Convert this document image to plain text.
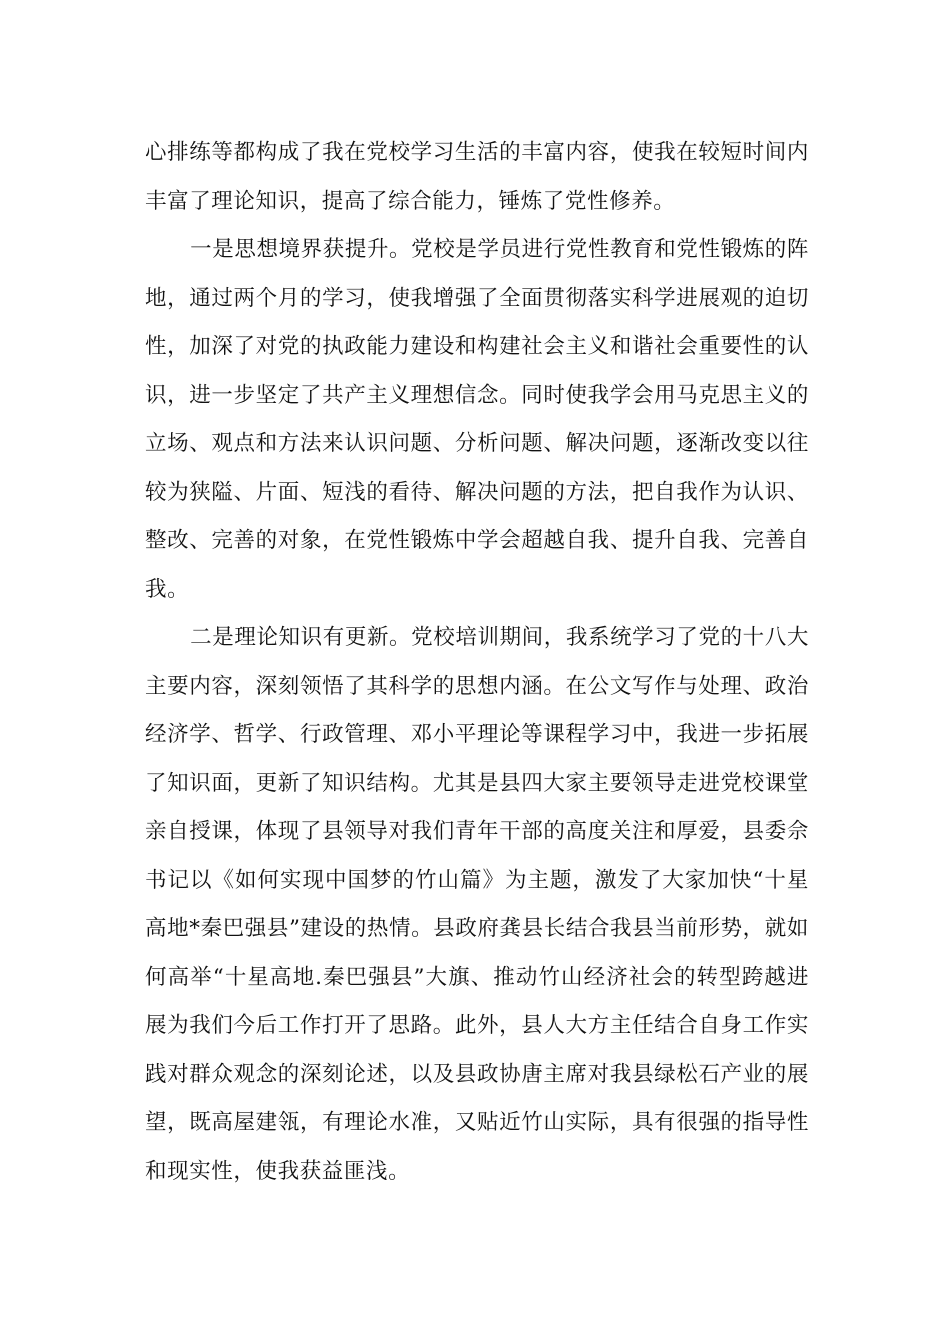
心排练等都构成了我在党校学习生活的丰富内容，使我在较短时间内丰富了理论知识，提高了综合能力，锤炼了党性修养。

一是思想境界获提升。党校是学员进行党性教育和党性锻炼的阵地，通过两个月的学习，使我增强了全面贯彻落实科学进展观的迫切性，加深了对党的执政能力建设和构建社会主义和谐社会重要性的认识，进一步坚定了共产主义理想信念。同时使我学会用马克思主义的立场、观点和方法来认识问题、分析问题、解决问题，逐渐改变以往较为狭隘、片面、短浅的看待、解决问题的方法，把自我作为认识、整改、完善的对象，在党性锻炼中学会超越自我、提升自我、完善自我。

二是理论知识有更新。党校培训期间，我系统学习了党的十八大主要内容，深刻领悟了其科学的思想内涵。在公文写作与处理、政治经济学、哲学、行政管理、邓小平理论等课程学习中，我进一步拓展了知识面，更新了知识结构。尤其是县四大家主要领导走进党校课堂亲自授课，体现了县领导对我们青年干部的高度关注和厚爱，县委佘书记以《如何实现中国梦的竹山篇》为主题，激发了大家加快“十星高地*秦巴强县”建设的热情。县政府龚县长结合我县当前形势，就如何高举“十星高地.秦巴强县”大旗、推动竹山经济社会的转型跨越进展为我们今后工作打开了思路。此外，县人大方主任结合自身工作实践对群众观念的深刻论述，以及县政协唐主席对我县绿松石产业的展望，既高屋建瓴，有理论水准，又贴近竹山实际，具有很强的指导性和现实性，使我获益匪浅。
